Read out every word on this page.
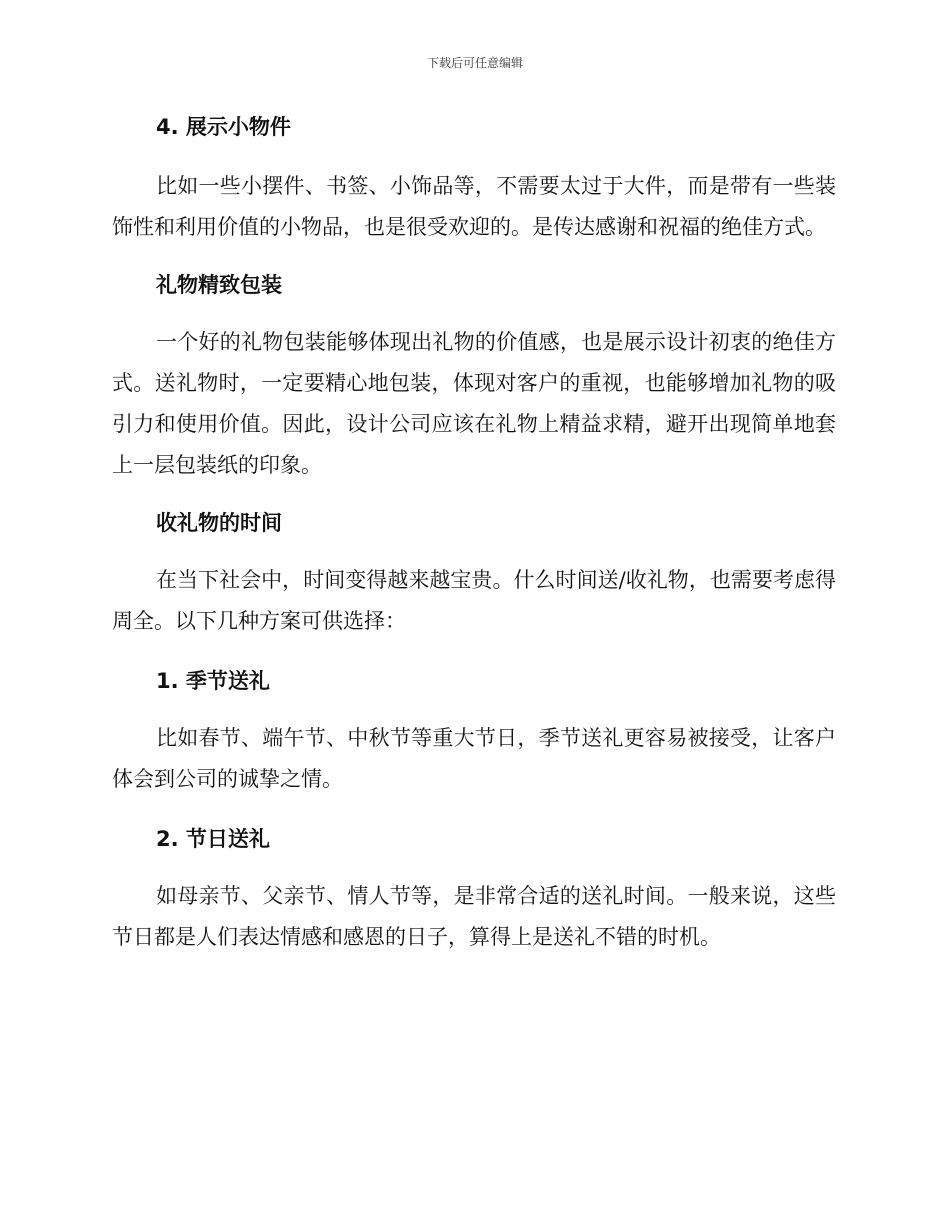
下载后可任意编辑
4. 展示小物件

比如一些小摆件、书签、小饰品等，不需要太过于大件，而是带有一些装饰性和利用价值的小物品，也是很受欢迎的。是传达感谢和祝福的绝佳方式。

礼物精致包装

一个好的礼物包装能够体现出礼物的价值感，也是展示设计初衷的绝佳方式。送礼物时，一定要精心地包装，体现对客户的重视，也能够增加礼物的吸引力和使用价值。因此，设计公司应该在礼物上精益求精，避开出现简单地套上一层包装纸的印象。

收礼物的时间

在当下社会中，时间变得越来越宝贵。什么时间送/收礼物，也需要考虑得周全。以下几种方案可供选择：

1. 季节送礼

比如春节、端午节、中秋节等重大节日，季节送礼更容易被接受，让客户体会到公司的诚挚之情。

2. 节日送礼

如母亲节、父亲节、情人节等，是非常合适的送礼时间。一般来说，这些节日都是人们表达情感和感恩的日子，算得上是送礼不错的时机。
